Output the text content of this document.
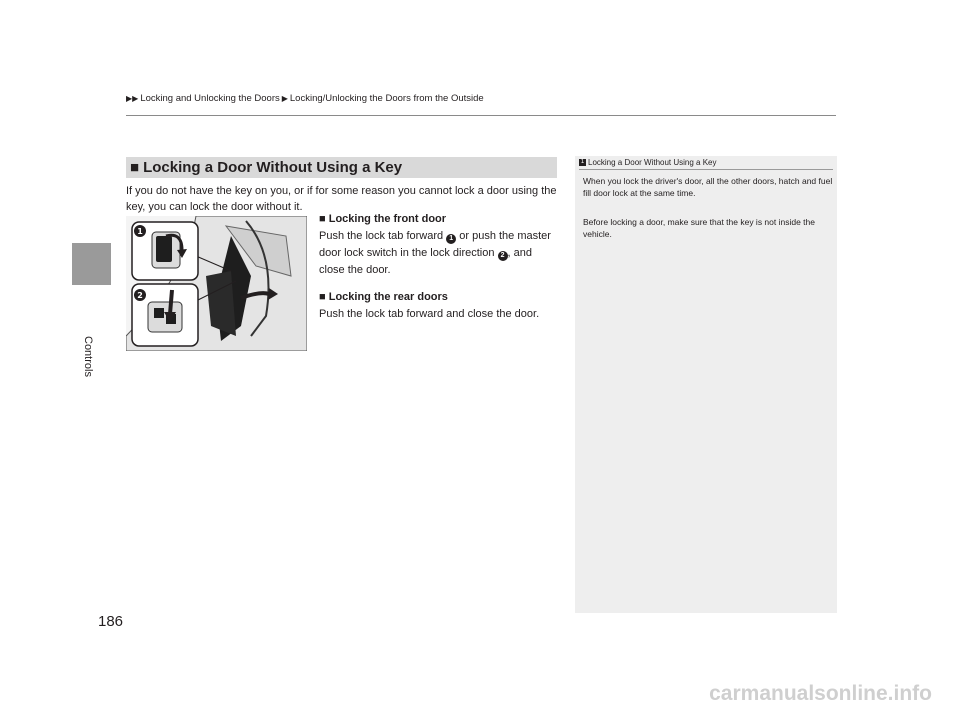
▶▶ Locking and Unlocking the Doors ▶ Locking/Unlocking the Doors from the Outside
Controls
■ Locking a Door Without Using a Key
If you do not have the key on you, or if for some reason you cannot lock a door using the key, you can lock the door without it.
1
2
■ Locking the front door
Push the lock tab forward 1 or push the master door lock switch in the lock direction 2 , and close the door.
■ Locking the rear doors
Push the lock tab forward and close the door.
1 Locking a Door Without Using a Key
When you lock the driver's door, all the other doors, hatch and fuel fill door lock at the same time.
Before locking a door, make sure that the key is not inside the vehicle.
186
carmanualsonline.info
